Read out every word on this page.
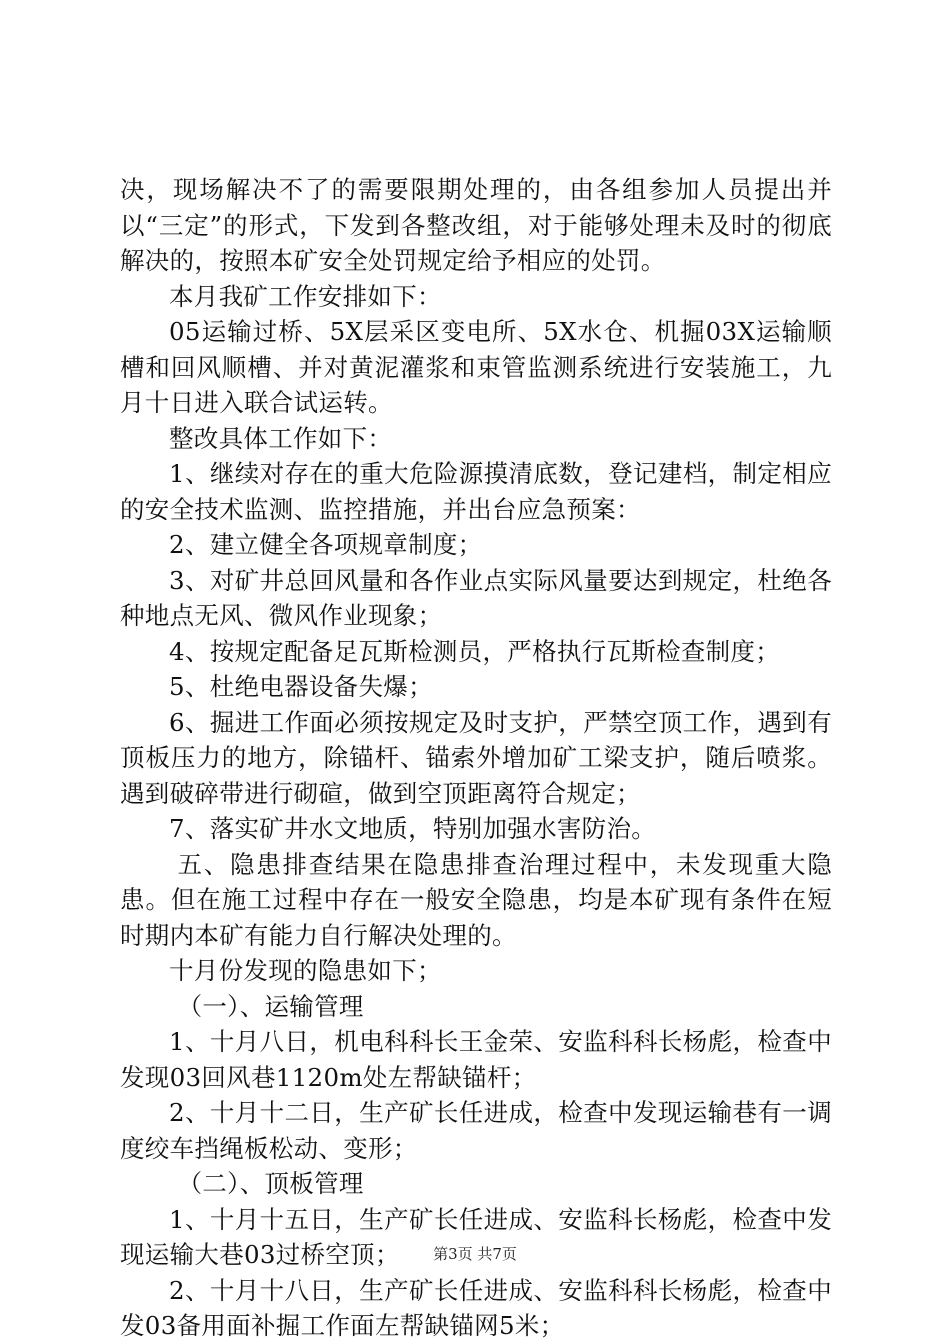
决，现场解决不了的需要限期处理的，由各组参加人员提出并以“三定”的形式，下发到各整改组，对于能够处理未及时的彻底解决的，按照本矿安全处罚规定给予相应的处罚。

本月我矿工作安排如下：

05运输过桥、5X层采区变电所、5X水仓、机掘03X运输顺槽和回风顺槽、并对黄泥灌浆和束管监测系统进行安装施工，九月十日进入联合试运转。

整改具体工作如下：

1、继续对存在的重大危险源摸清底数，登记建档，制定相应的安全技术监测、监控措施，并出台应急预案：

2、建立健全各项规章制度；

3、对矿井总回风量和各作业点实际风量要达到规定，杜绝各种地点无风、微风作业现象；

4、按规定配备足瓦斯检测员，严格执行瓦斯检查制度；

5、杜绝电器设备失爆；

6、掘进工作面必须按规定及时支护，严禁空顶工作，遇到有顶板压力的地方，除锚杆、锚索外增加矿工梁支护，随后喷浆。遇到破碎带进行砌碹，做到空顶距离符合规定；

7、落实矿井水文地质，特别加强水害防治。

五、隐患排查结果在隐患排查治理过程中，未发现重大隐患。但在施工过程中存在一般安全隐患，均是本矿现有条件在短时期内本矿有能力自行解决处理的。

十月份发现的隐患如下；

（一）、运输管理

1、十月八日，机电科科长王金荣、安监科科长杨彪，检查中发现03回风巷1120m处左帮缺锚杆；

2、十月十二日，生产矿长任进成，检查中发现运输巷有一调度绞车挡绳板松动、变形；

（二）、顶板管理

1、十月十五日，生产矿长任进成、安监科长杨彪，检查中发现运输大巷03过桥空顶；

2、十月十八日，生产矿长任进成、安监科科长杨彪，检查中发03备用面补掘工作面左帮缺锚网5米；

第3页 共7页
